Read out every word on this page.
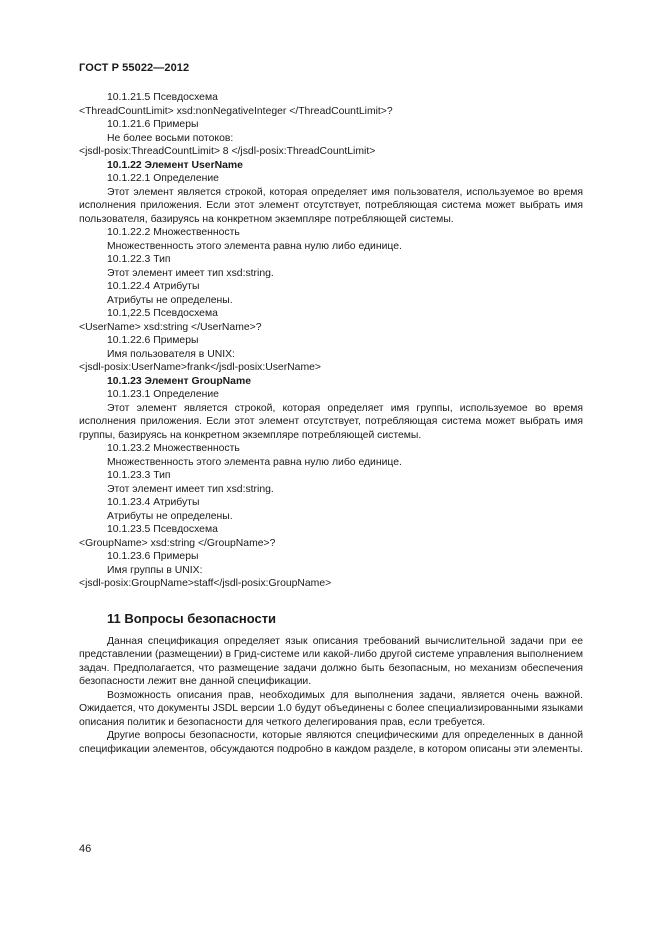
ГОСТ Р 55022—2012

10.1.21.5 Псевдосхема

<ThreadCountLimit> xsd:nonNegativeInteger </ThreadCountLimit>?

10.1.21.6 Примеры

Не более восьми потоков:

<jsdl-posix:ThreadCountLimit> 8 </jsdl-posix:ThreadCountLimit>

10.1.22 Элемент UserName

10.1.22.1 Определение

Этот элемент является строкой, которая определяет имя пользователя, используемое во время исполнения приложения. Если этот элемент отсутствует, потребляющая система может выбрать имя пользователя, базируясь на конкретном экземпляре потребляющей системы.

10.1.22.2 Множественность

Множественность этого элемента равна нулю либо единице.

10.1.22.3 Тип

Этот элемент имеет тип xsd:string.

10.1.22.4 Атрибуты

Атрибуты не определены.

10.1,22.5 Псевдосхема

<UserName> xsd:string </UserName>?

10.1.22.6 Примеры

Имя пользователя в UNIX:

<jsdl-posix:UserName>frank</jsdl-posix:UserName>

10.1.23 Элемент GroupName

10.1.23.1 Определение

Этот элемент является строкой, которая определяет имя группы, используемое во время исполнения приложения. Если этот элемент отсутствует, потребляющая система может выбрать имя группы, базируясь на конкретном экземпляре потребляющей системы.

10.1.23.2 Множественность

Множественность этого элемента равна нулю либо единице.

10.1.23.3 Тип

Этот элемент имеет тип xsd:string.

10.1.23.4 Атрибуты

Атрибуты не определены.

10.1.23.5 Псевдосхема

<GroupName> xsd:string </GroupName>?

10.1.23.6 Примеры

Имя группы в UNIX:

<jsdl-posix:GroupName>staff</jsdl-posix:GroupName>

11 Вопросы безопасности

Данная спецификация определяет язык описания требований вычислительной задачи при ее представлении (размещении) в Грид-системе или какой-либо другой системе управления выполнением задач. Предполагается, что размещение задачи должно быть безопасным, но механизм обеспечения безопасности лежит вне данной спецификации.

Возможность описания прав, необходимых для выполнения задачи, является очень важной. Ожидается, что документы JSDL версии 1.0 будут объединены с более специализированными языками описания политик и безопасности для четкого делегирования прав, если требуется.

Другие вопросы безопасности, которые являются специфическими для определенных в данной спецификации элементов, обсуждаются подробно в каждом разделе, в котором описаны эти элементы.

46
